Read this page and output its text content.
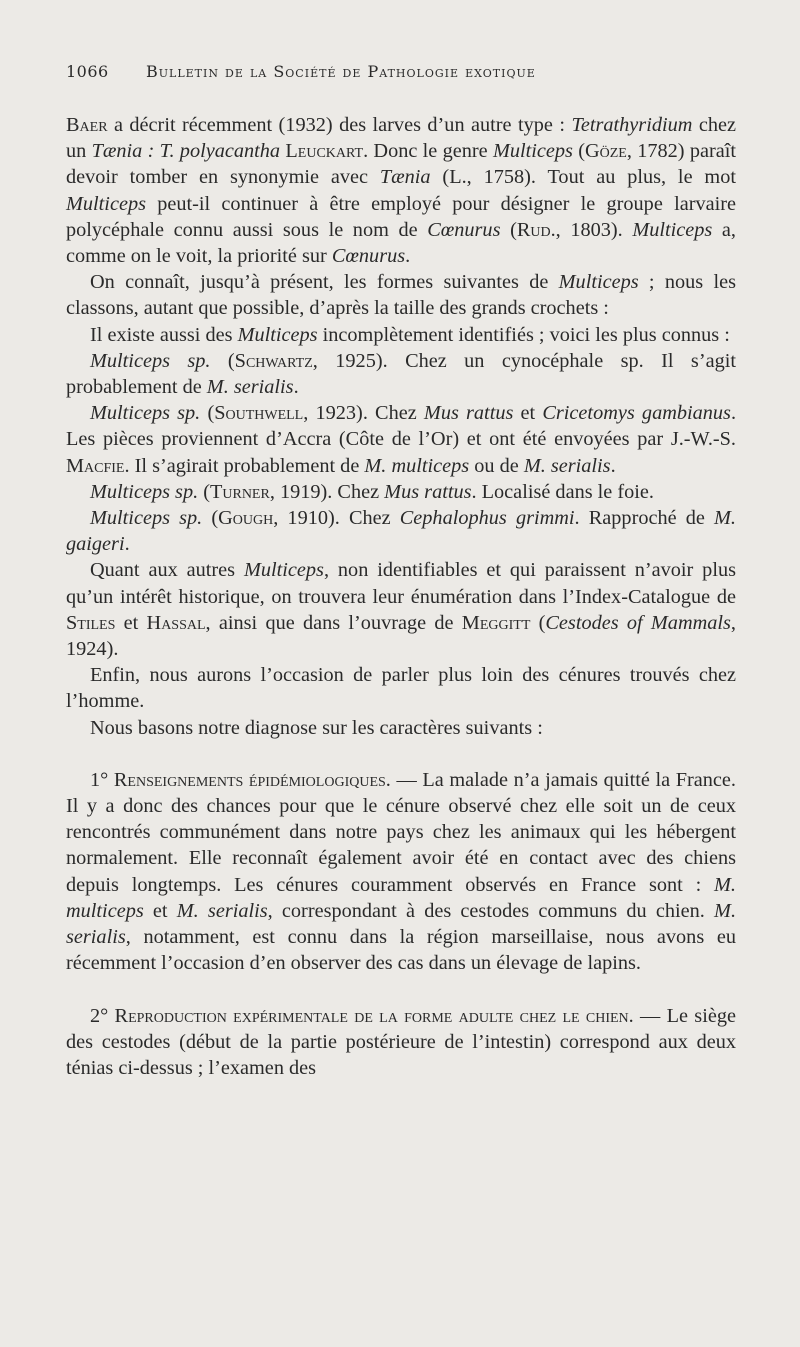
1066 Bulletin de la Société de Pathologie exotique

Baer a décrit récemment (1932) des larves d’un autre type : Tetrathyridium chez un Tænia : T. polyacantha Leuckart. Donc le genre Multiceps (Göze, 1782) paraît devoir tomber en synonymie avec Tænia (L., 1758). Tout au plus, le mot Multiceps peut-il continuer à être employé pour désigner le groupe larvaire polycéphale connu aussi sous le nom de Cœnurus (Rud., 1803). Multiceps a, comme on le voit, la priorité sur Cœnurus.

On connaît, jusqu’à présent, les formes suivantes de Multiceps ; nous les classons, autant que possible, d’après la taille des grands crochets :

Il existe aussi des Multiceps incomplètement identifiés ; voici les plus connus :

Multiceps sp. (Schwartz, 1925). Chez un cynocéphale sp. Il s’agit probablement de M. serialis.

Multiceps sp. (Southwell, 1923). Chez Mus rattus et Cricetomys gambianus. Les pièces proviennent d’Accra (Côte de l’Or) et ont été envoyées par J.-W.-S. Macfie. Il s’agirait probablement de M. multiceps ou de M. serialis.

Multiceps sp. (Turner, 1919). Chez Mus rattus. Localisé dans le foie.

Multiceps sp. (Gough, 1910). Chez Cephalophus grimmi. Rapproché de M. gaigeri.

Quant aux autres Multiceps, non identifiables et qui paraissent n’avoir plus qu’un intérêt historique, on trouvera leur énumération dans l’Index-Catalogue de Stiles et Hassal, ainsi que dans l’ouvrage de Meggitt (Cestodes of Mammals, 1924).

Enfin, nous aurons l’occasion de parler plus loin des cénures trouvés chez l’homme.

Nous basons notre diagnose sur les caractères suivants :

1° Renseignements épidémiologiques. — La malade n’a jamais quitté la France. Il y a donc des chances pour que le cénure observé chez elle soit un de ceux rencontrés communément dans notre pays chez les animaux qui les hébergent normalement. Elle reconnaît également avoir été en contact avec des chiens depuis longtemps. Les cénures couramment observés en France sont : M. multiceps et M. serialis, correspondant à des cestodes communs du chien. M. serialis, notamment, est connu dans la région marseillaise, nous avons eu récemment l’occasion d’en observer des cas dans un élevage de lapins.

2° Reproduction expérimentale de la forme adulte chez le chien. — Le siège des cestodes (début de la partie postérieure de l’intestin) correspond aux deux ténias ci-dessus ; l’examen des
